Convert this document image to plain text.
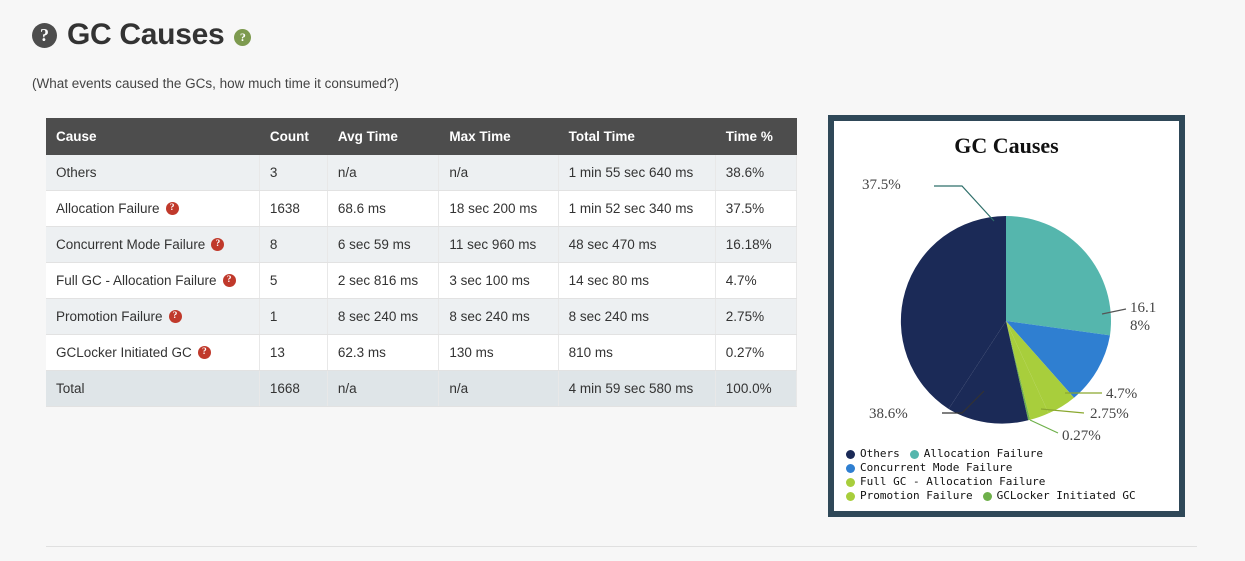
? GC Causes	?
(What events caused the GCs, how much time it consumed?)
Cause	Count	Avg Time	Max Time	Total Time	Time %

Others	3	n/a	n/a	1 min 55 sec 640 ms	38.6%

Allocation Failure ?	1638	68.6 ms	18 sec 200 ms	1 min 52 sec 340 ms	37.5%

Concurrent Mode Failure ?	8	6 sec 59 ms	11 sec 960 ms	48 sec 470 ms	16.18%

Full GC - Allocation Failure ?	5	2 sec 816 ms	3 sec 100 ms	14 sec 80 ms	4.7%

Promotion Failure ?	1	8 sec 240 ms	8 sec 240 ms	8 sec 240 ms	2.75%

GCLocker Initiated GC ?	13	62.3 ms	130 ms	810 ms	0.27%

Total	1668	n/a	n/a	4 min 59 sec 580 ms	100.0%
GC Causes
37.5%
16.1
8%
4.7%
2.75%
0.27%
38.6%
Others Allocation Failure
Concurrent Mode Failure
Full GC - Allocation Failure
Promotion Failure GCLocker Initiated GC
